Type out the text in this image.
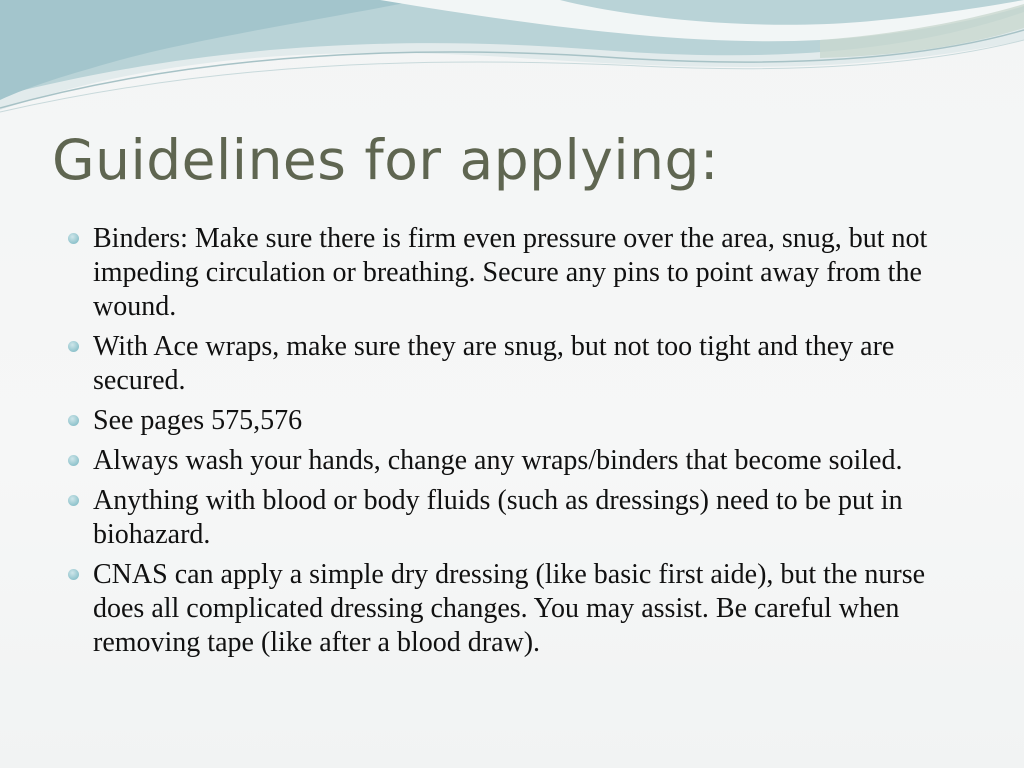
Guidelines for applying:
Binders: Make sure there is firm even pressure over the area, snug, but not impeding circulation or breathing. Secure any pins to point away from the wound.
With Ace wraps, make sure they are snug, but not too tight and they are secured.
See pages 575,576
Always wash your hands, change any wraps/binders that become soiled.
Anything with blood or body fluids (such as dressings) need to be put in biohazard.
CNAS can apply a simple dry dressing (like basic first aide), but the nurse does all complicated dressing changes. You may assist. Be careful when removing tape (like after a blood draw).
